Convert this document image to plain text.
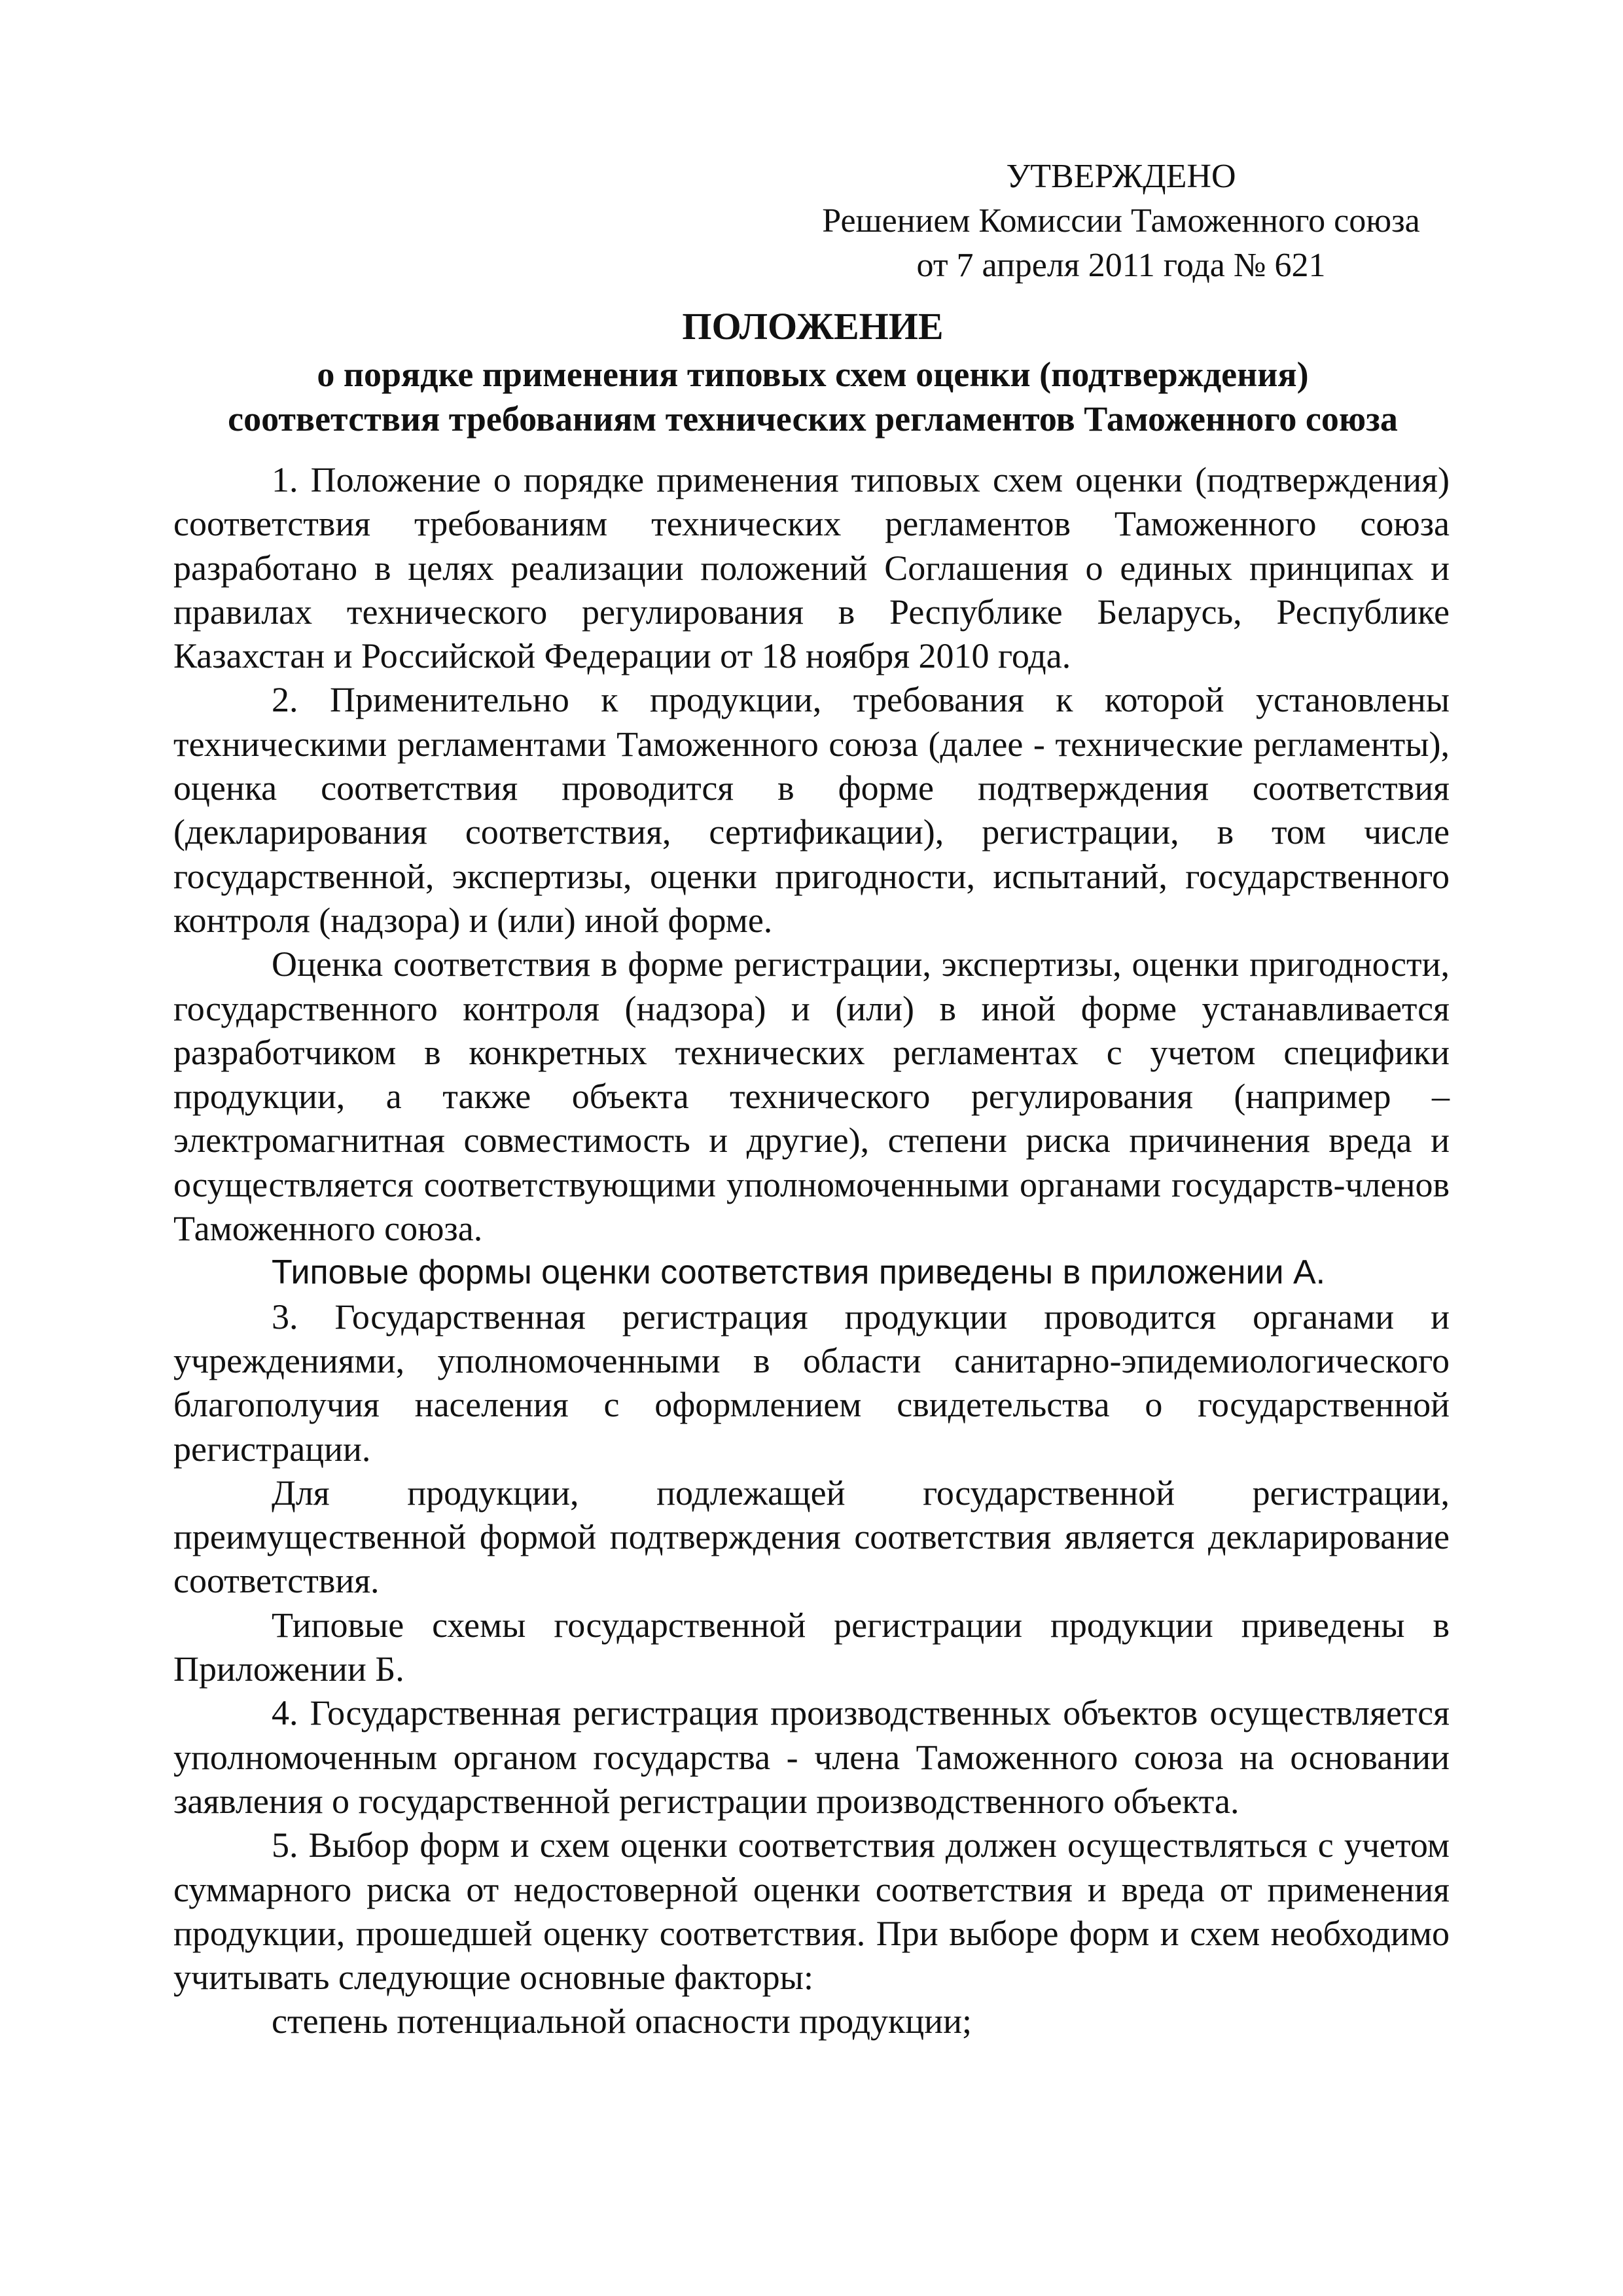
УТВЕРЖДЕНО
Решением Комиссии Таможенного союза
от 7 апреля 2011 года № 621
ПОЛОЖЕНИЕ
о порядке применения типовых схем оценки (подтверждения)
соответствия требованиям технических регламентов Таможенного союза

1. Положение о порядке применения типовых схем оценки (подтверждения) соответствия требованиям технических регламентов Таможенного союза разработано в целях реализации положений Соглашения о единых принципах и правилах технического регулирования в Республике Беларусь, Республике Казахстан и Российской Федерации от 18 ноября 2010 года.

2. Применительно к продукции, требования к которой установлены техническими регламентами Таможенного союза (далее - технические регламенты), оценка соответствия проводится в форме подтверждения соответствия (декларирования соответствия, сертификации), регистрации, в том числе государственной, экспертизы, оценки пригодности, испытаний, государственного контроля (надзора) и (или) иной форме.

Оценка соответствия в форме регистрации, экспертизы, оценки пригодности, государственного контроля (надзора) и (или) в иной форме устанавливается разработчиком в конкретных технических регламентах с учетом специфики продукции, а также объекта технического регулирования (например – электромагнитная совместимость и другие), степени риска причинения вреда и осуществляется соответствующими уполномоченными органами государств-членов Таможенного союза.

Типовые формы оценки соответствия приведены в приложении А.

3. Государственная регистрация продукции проводится органами и учреждениями, уполномоченными в области санитарно-эпидемиологического благополучия населения с оформлением свидетельства о государственной регистрации.

Для продукции, подлежащей государственной регистрации, преимущественной формой подтверждения соответствия является декларирование соответствия.

Типовые схемы государственной регистрации продукции приведены в Приложении Б.

4. Государственная регистрация производственных объектов осуществляется уполномоченным органом государства - члена Таможенного союза на основании заявления о государственной регистрации производственного объекта.

5. Выбор форм и схем оценки соответствия должен осуществляться с учетом суммарного риска от недостоверной оценки соответствия и вреда от применения продукции, прошедшей оценку соответствия. При выборе форм и схем необходимо учитывать следующие основные факторы:

степень потенциальной опасности продукции;
